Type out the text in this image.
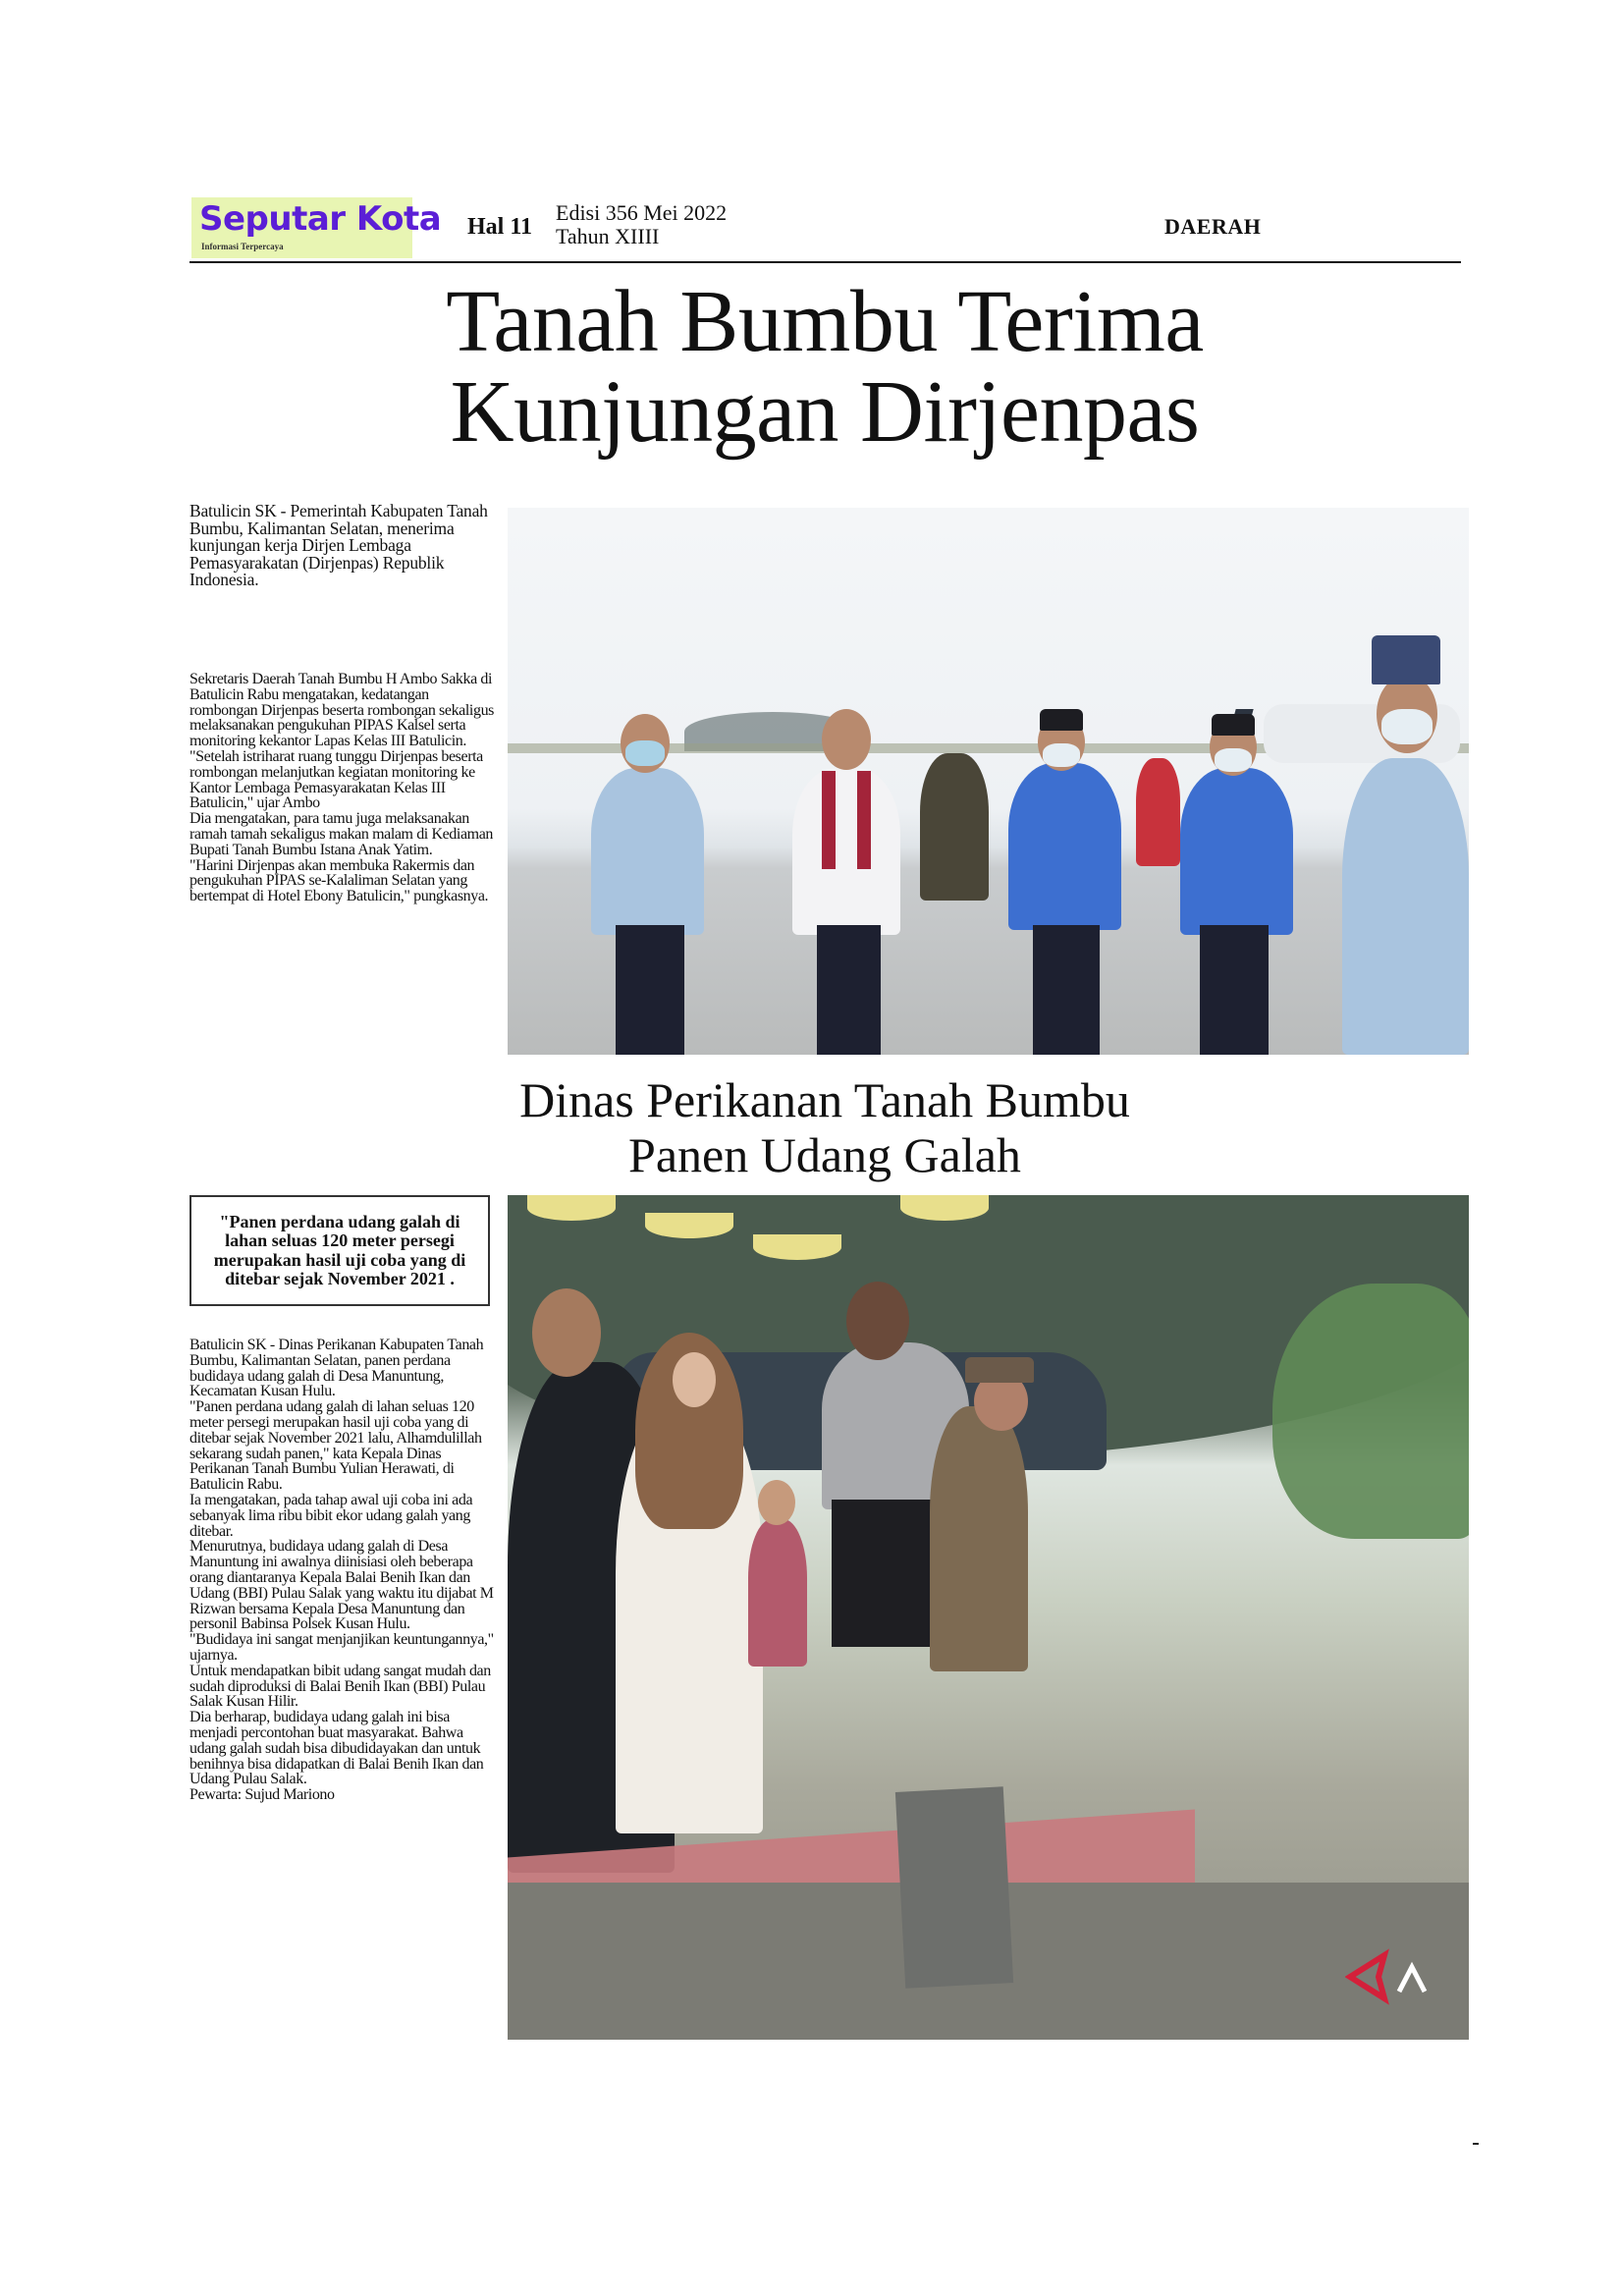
Seputar Kota
Informasi Terpercaya
Hal 11
Edisi 356 Mei 2022
Tahun XIIII	DAERAH
Tanah Bumbu Terima
Kunjungan Dirjenpas

Batulicin SK - Pemerintah Kabupaten Tanah Bumbu, Kalimantan Selatan, menerima kunjungan kerja Dirjen Lembaga Pemasyarakatan (Dirjenpas) Republik Indonesia.

Sekretaris Daerah Tanah Bumbu H Ambo Sakka di Batulicin Rabu mengatakan, kedatangan rombongan Dirjenpas beserta rombongan sekaligus melaksanakan pengukuhan PIPAS Kalsel serta monitoring kekantor Lapas Kelas III Batulicin.

"Setelah istriharat ruang tunggu Dirjenpas beserta rombongan melanjutkan kegiatan monitoring ke Kantor Lembaga Pemasyarakatan Kelas III Batulicin," ujar Ambo

Dia mengatakan, para tamu juga melaksanakan ramah tamah sekaligus makan malam di Kediaman Bupati Tanah Bumbu Istana Anak Yatim.

"Harini Dirjenpas akan membuka Rakermis dan pengukuhan PIPAS se-Kalaliman Selatan yang bertempat di Hotel Ebony Batulicin," pungkasnya.

Dinas Perikanan Tanah Bumbu
Panen Udang Galah
"Panen perdana udang galah di lahan seluas 120 meter persegi merupakan hasil uji coba yang di ditebar sejak November 2021 .

Batulicin SK - Dinas Perikanan Kabupaten Tanah Bumbu, Kalimantan Selatan, panen perdana budidaya udang galah di Desa Manuntung, Kecamatan Kusan Hulu.

"Panen perdana udang galah di lahan seluas 120 meter persegi merupakan hasil uji coba yang di ditebar sejak November 2021 lalu, Alhamdulillah sekarang sudah panen," kata Kepala Dinas Perikanan Tanah Bumbu Yulian Herawati, di Batulicin Rabu.

Ia mengatakan, pada tahap awal uji coba ini ada sebanyak lima ribu bibit ekor udang galah yang ditebar.

Menurutnya, budidaya udang galah di Desa Manuntung ini awalnya diinisiasi oleh beberapa orang diantaranya Kepala Balai Benih Ikan dan Udang (BBI) Pulau Salak yang waktu itu dijabat M Rizwan bersama Kepala Desa Manuntung dan personil Babinsa Polsek Kusan Hulu.

"Budidaya ini sangat menjanjikan keuntungannya," ujarnya.

Untuk mendapatkan bibit udang sangat mudah dan sudah diproduksi di Balai Benih Ikan (BBI) Pulau Salak Kusan Hilir.

Dia berharap, budidaya udang galah ini bisa menjadi percontohan buat masyarakat. Bahwa udang galah sudah bisa dibudidayakan dan untuk benihnya bisa didapatkan di Balai Benih Ikan dan Udang Pulau Salak.

Pewarta: Sujud Mariono
